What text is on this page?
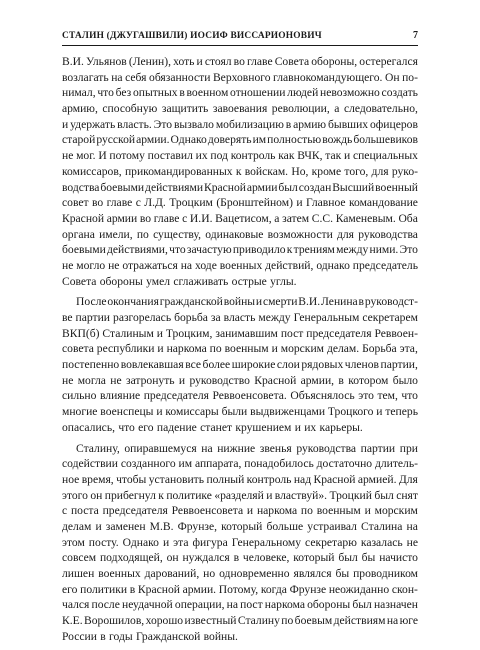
СТАЛИН (ДЖУГАШВИЛИ) ИОСИФ ВИССАРИОНОВИЧ	7
В.И. Ульянов (Ленин), хоть и стоял во главе Совета обороны, остерегался
возлагать на себя обязанности Верховного главнокомандующего. Он по-
нимал, что без опытных в военном отношении людей невозможно создать
армию, способную защитить завоевания революции, а следовательно,
и удержать власть. Это вызвало мобилизацию в армию бывших офицеров
старой русской армии. Однако доверять им полностью вождь большевиков
не мог. И потому поставил их под контроль как ВЧК, так и специальных
комиссаров, прикомандированных к войскам. Но, кроме того, для руко-
водства боевыми действиями Красной армии был создан Высший военный
совет во главе с Л.Д. Троцким (Бронштейном) и Главное командование
Красной армии во главе с И.И. Вацетисом, а затем С.С. Каменевым. Оба
органа имели, по существу, одинаковые возможности для руководства
боевыми действиями, что зачастую приводило к трениям между ними. Это
не могло не отражаться на ходе военных действий, однако председатель
Совета обороны умел сглаживать острые углы.
После окончания гражданской войны и смерти В.И. Ленина в руководст-
ве партии разгорелась борьба за власть между Генеральным секретарем
ВКП(б) Сталиным и Троцким, занимавшим пост председателя Реввоен-
совета республики и наркома по военным и морским делам. Борьба эта,
постепенно вовлекавшая все более широкие слои рядовых членов партии,
не могла не затронуть и руководство Красной армии, в котором было
сильно влияние председателя Реввоенсовета. Объяснялось это тем, что
многие военспецы и комиссары были выдвиженцами Троцкого и теперь
опасались, что его падение станет крушением и их карьеры.
Сталину, опиравшемуся на нижние звенья руководства партии при
содействии созданного им аппарата, понадобилось достаточно длитель-
ное время, чтобы установить полный контроль над Красной армией. Для
этого он прибегнул к политике «разделяй и властвуй». Троцкий был снят
с поста председателя Реввоенсовета и наркома по военным и морским
делам и заменен М.В. Фрунзе, который больше устраивал Сталина на
этом посту. Однако и эта фигура Генеральному секретарю казалась не
совсем подходящей, он нуждался в человеке, который был бы начисто
лишен военных дарований, но одновременно являлся бы проводником
его политики в Красной армии. Потому, когда Фрунзе неожиданно скон-
чался после неудачной операции, на пост наркома обороны был назначен
К.Е. Ворошилов, хорошо известный Сталину по боевым действиям на юге
России в годы Гражданской войны.
